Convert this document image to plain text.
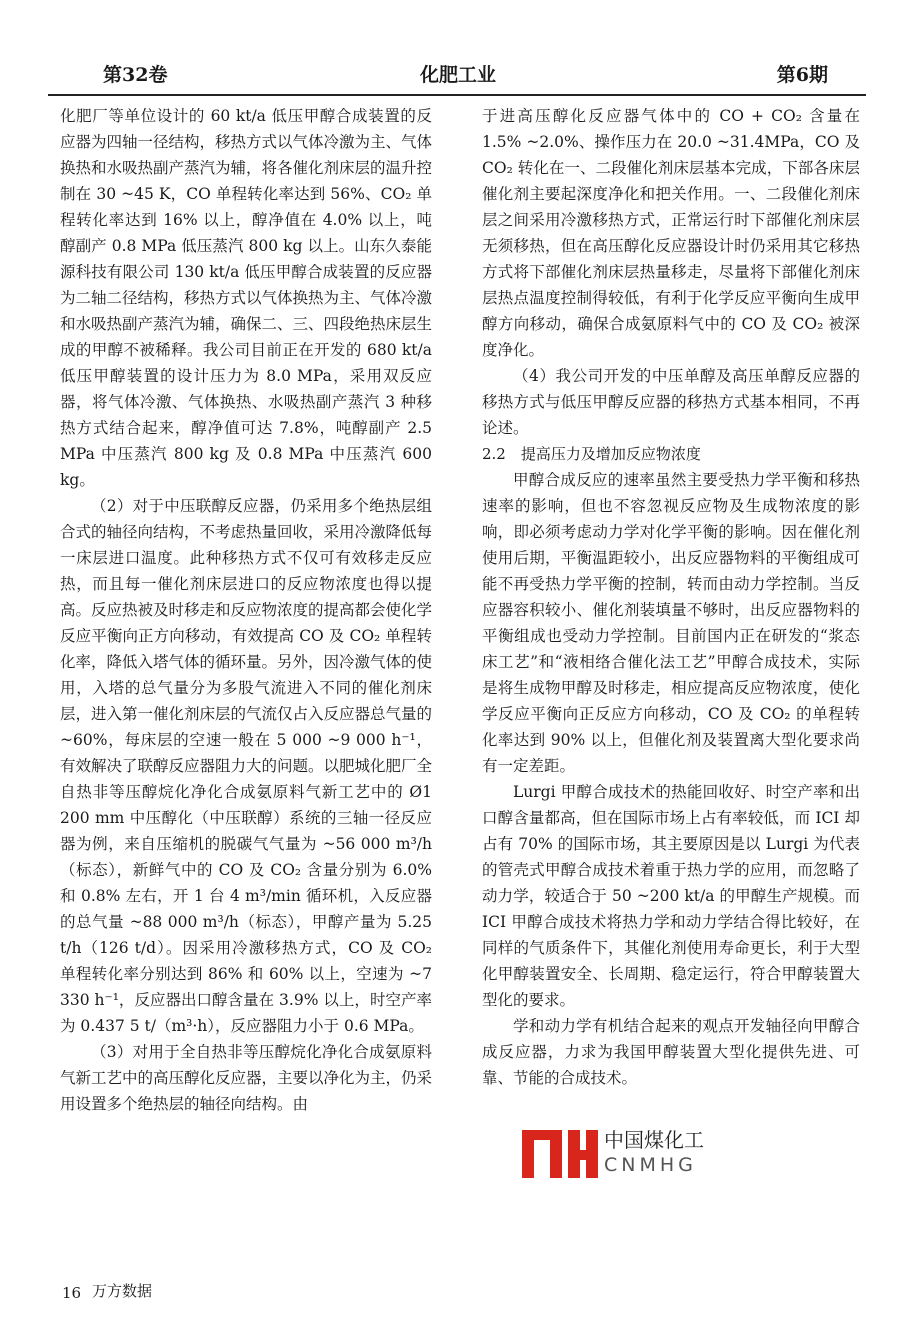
第32卷	化肥工业	第6期

化肥厂等单位设计的 60 kt/a 低压甲醇合成装置的反应器为四轴一径结构，移热方式以气体冷激为主、气体换热和水吸热副产蒸汽为辅，将各催化剂床层的温升控制在 30 ~45 K，CO 单程转化率达到 56%、CO₂ 单程转化率达到 16% 以上，醇净值在 4.0% 以上，吨醇副产 0.8 MPa 低压蒸汽 800 kg 以上。山东久泰能源科技有限公司 130 kt/a 低压甲醇合成装置的反应器为二轴二径结构，移热方式以气体换热为主、气体冷激和水吸热副产蒸汽为辅，确保二、三、四段绝热床层生成的甲醇不被稀释。我公司目前正在开发的 680 kt/a 低压甲醇装置的设计压力为 8.0 MPa，采用双反应器，将气体冷激、气体换热、水吸热副产蒸汽 3 种移热方式结合起来，醇净值可达 7.8%，吨醇副产 2.5 MPa 中压蒸汽 800 kg 及 0.8 MPa 中压蒸汽 600 kg。

（2）对于中压联醇反应器，仍采用多个绝热层组合式的轴径向结构，不考虑热量回收，采用冷激降低每一床层进口温度。此种移热方式不仅可有效移走反应热，而且每一催化剂床层进口的反应物浓度也得以提高。反应热被及时移走和反应物浓度的提高都会使化学反应平衡向正方向移动，有效提高 CO 及 CO₂ 单程转化率，降低入塔气体的循环量。另外，因冷激气体的使用，入塔的总气量分为多股气流进入不同的催化剂床层，进入第一催化剂床层的气流仅占入反应器总气量的 ~60%，每床层的空速一般在 5 000 ~9 000 h⁻¹，有效解决了联醇反应器阻力大的问题。以肥城化肥厂全自热非等压醇烷化净化合成氨原料气新工艺中的 Ø1 200 mm 中压醇化（中压联醇）系统的三轴一径反应器为例，来自压缩机的脱碳气气量为 ~56 000 m³/h（标态），新鲜气中的 CO 及 CO₂ 含量分别为 6.0% 和 0.8% 左右，开 1 台 4 m³/min 循环机，入反应器的总气量 ~88 000 m³/h（标态），甲醇产量为 5.25 t/h（126 t/d）。因采用冷激移热方式，CO 及 CO₂ 单程转化率分别达到 86% 和 60% 以上，空速为 ~7 330 h⁻¹，反应器出口醇含量在 3.9% 以上，时空产率为 0.437 5 t/（m³·h），反应器阻力小于 0.6 MPa。

（3）对用于全自热非等压醇烷化净化合成氨原料气新工艺中的高压醇化反应器，主要以净化为主，仍采用设置多个绝热层的轴径向结构。由

于进高压醇化反应器气体中的 CO + CO₂ 含量在 1.5% ~2.0%、操作压力在 20.0 ~31.4MPa，CO 及 CO₂ 转化在一、二段催化剂床层基本完成，下部各床层催化剂主要起深度净化和把关作用。一、二段催化剂床层之间采用冷激移热方式，正常运行时下部催化剂床层无须移热，但在高压醇化反应器设计时仍采用其它移热方式将下部催化剂床层热量移走，尽量将下部催化剂床层热点温度控制得较低，有利于化学反应平衡向生成甲醇方向移动，确保合成氨原料气中的 CO 及 CO₂ 被深度净化。

（4）我公司开发的中压单醇及高压单醇反应器的移热方式与低压甲醇反应器的移热方式基本相同，不再论述。

2.2　提高压力及增加反应物浓度

甲醇合成反应的速率虽然主要受热力学平衡和移热速率的影响，但也不容忽视反应物及生成物浓度的影响，即必须考虑动力学对化学平衡的影响。因在催化剂使用后期，平衡温距较小，出反应器物料的平衡组成可能不再受热力学平衡的控制，转而由动力学控制。当反应器容积较小、催化剂装填量不够时，出反应器物料的平衡组成也受动力学控制。目前国内正在研发的“浆态床工艺”和“液相络合催化法工艺”甲醇合成技术，实际是将生成物甲醇及时移走，相应提高反应物浓度，使化学反应平衡向正反应方向移动，CO 及 CO₂ 的单程转化率达到 90% 以上，但催化剂及装置离大型化要求尚有一定差距。

Lurgi 甲醇合成技术的热能回收好、时空产率和出口醇含量都高，但在国际市场上占有率较低，而 ICI 却占有 70% 的国际市场，其主要原因是以 Lurgi 为代表的管壳式甲醇合成技术着重于热力学的应用，而忽略了动力学，较适合于 50 ~200 kt/a 的甲醇生产规模。而 ICI 甲醇合成技术将热力学和动力学结合得比较好，在同样的气质条件下，其催化剂使用寿命更长，利于大型化甲醇装置安全、长周期、稳定运行，符合甲醇装置大型化的要求。

学和动力学有机结合起来的观点开发轴径向甲醇合成反应器，力求为我国甲醇装置大型化提供先进、可靠、节能的合成技术。

中国煤化工
CNMHG
16 万方数据
